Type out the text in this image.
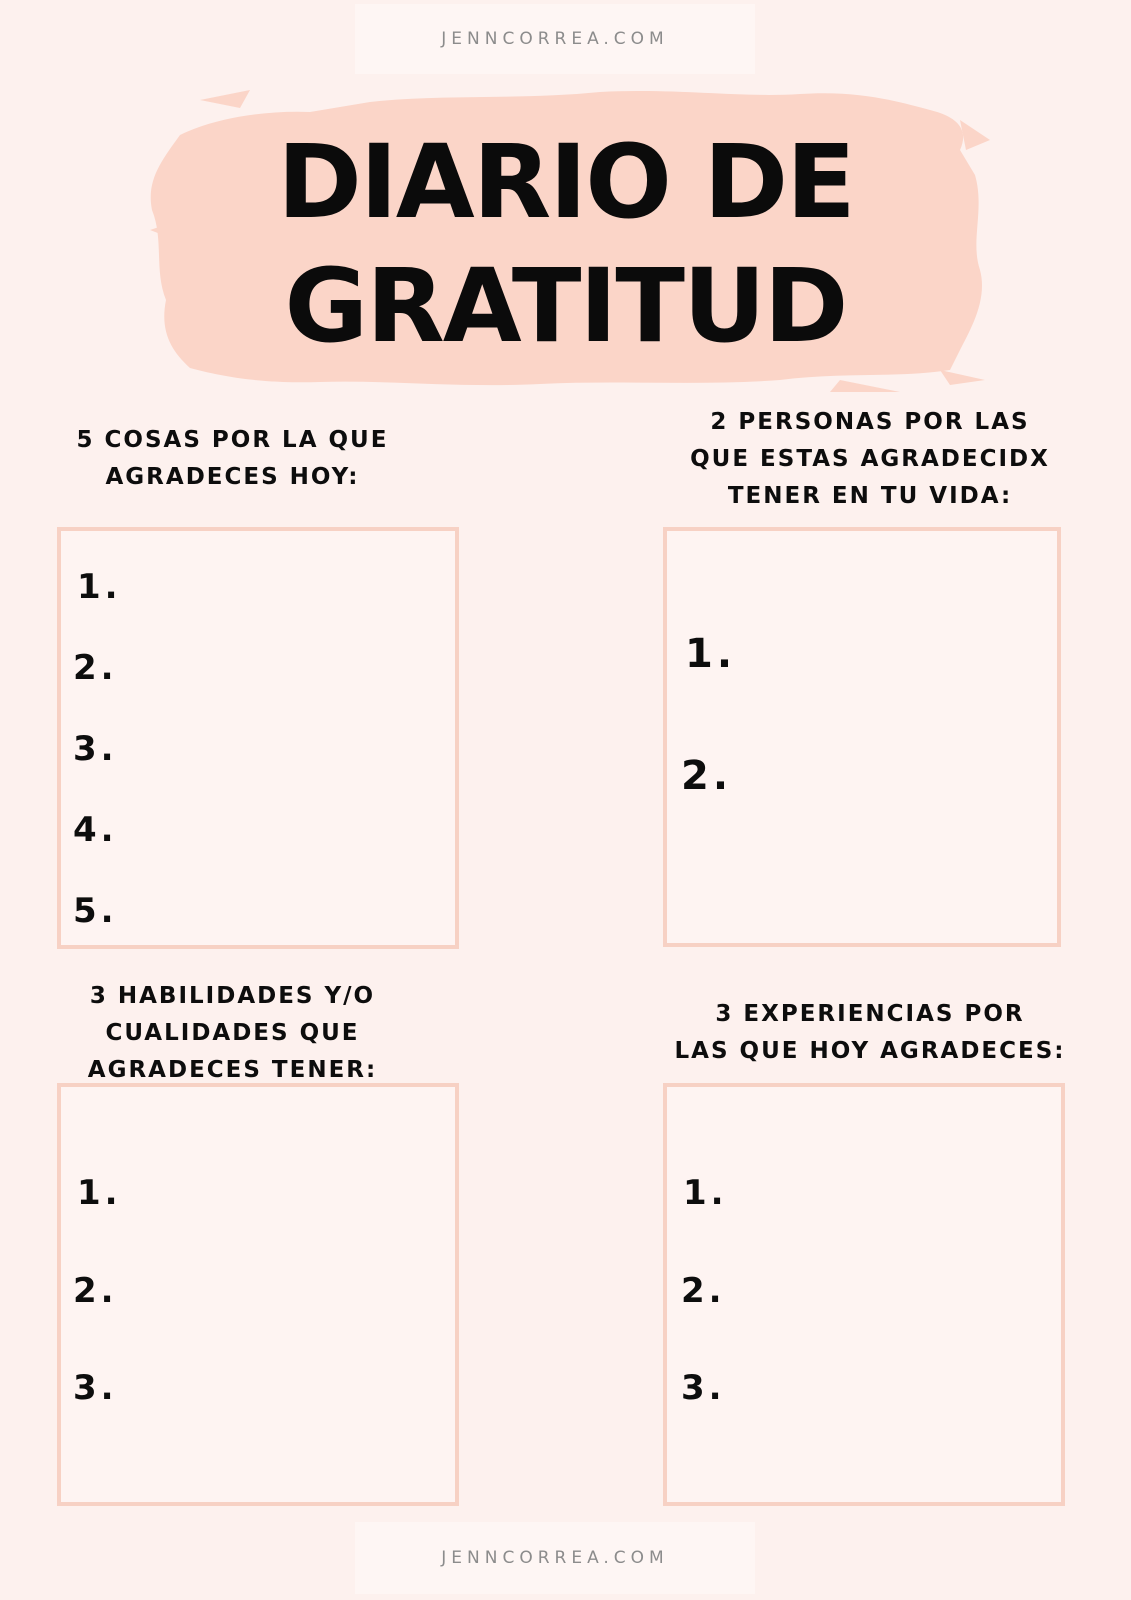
JENNCORREA.COM
DIARIO DE
GRATITUD
5 COSAS POR LA QUE
AGRADECES HOY:
1.
2.
3.
4.
5.
2 PERSONAS POR LAS
QUE ESTAS AGRADECIDX
TENER EN TU VIDA:
1.
2.
3 HABILIDADES Y/O
CUALIDADES QUE
AGRADECES TENER:
1.
2.
3.
3 EXPERIENCIAS POR
LAS QUE HOY AGRADECES:
1.
2.
3.
JENNCORREA.COM
